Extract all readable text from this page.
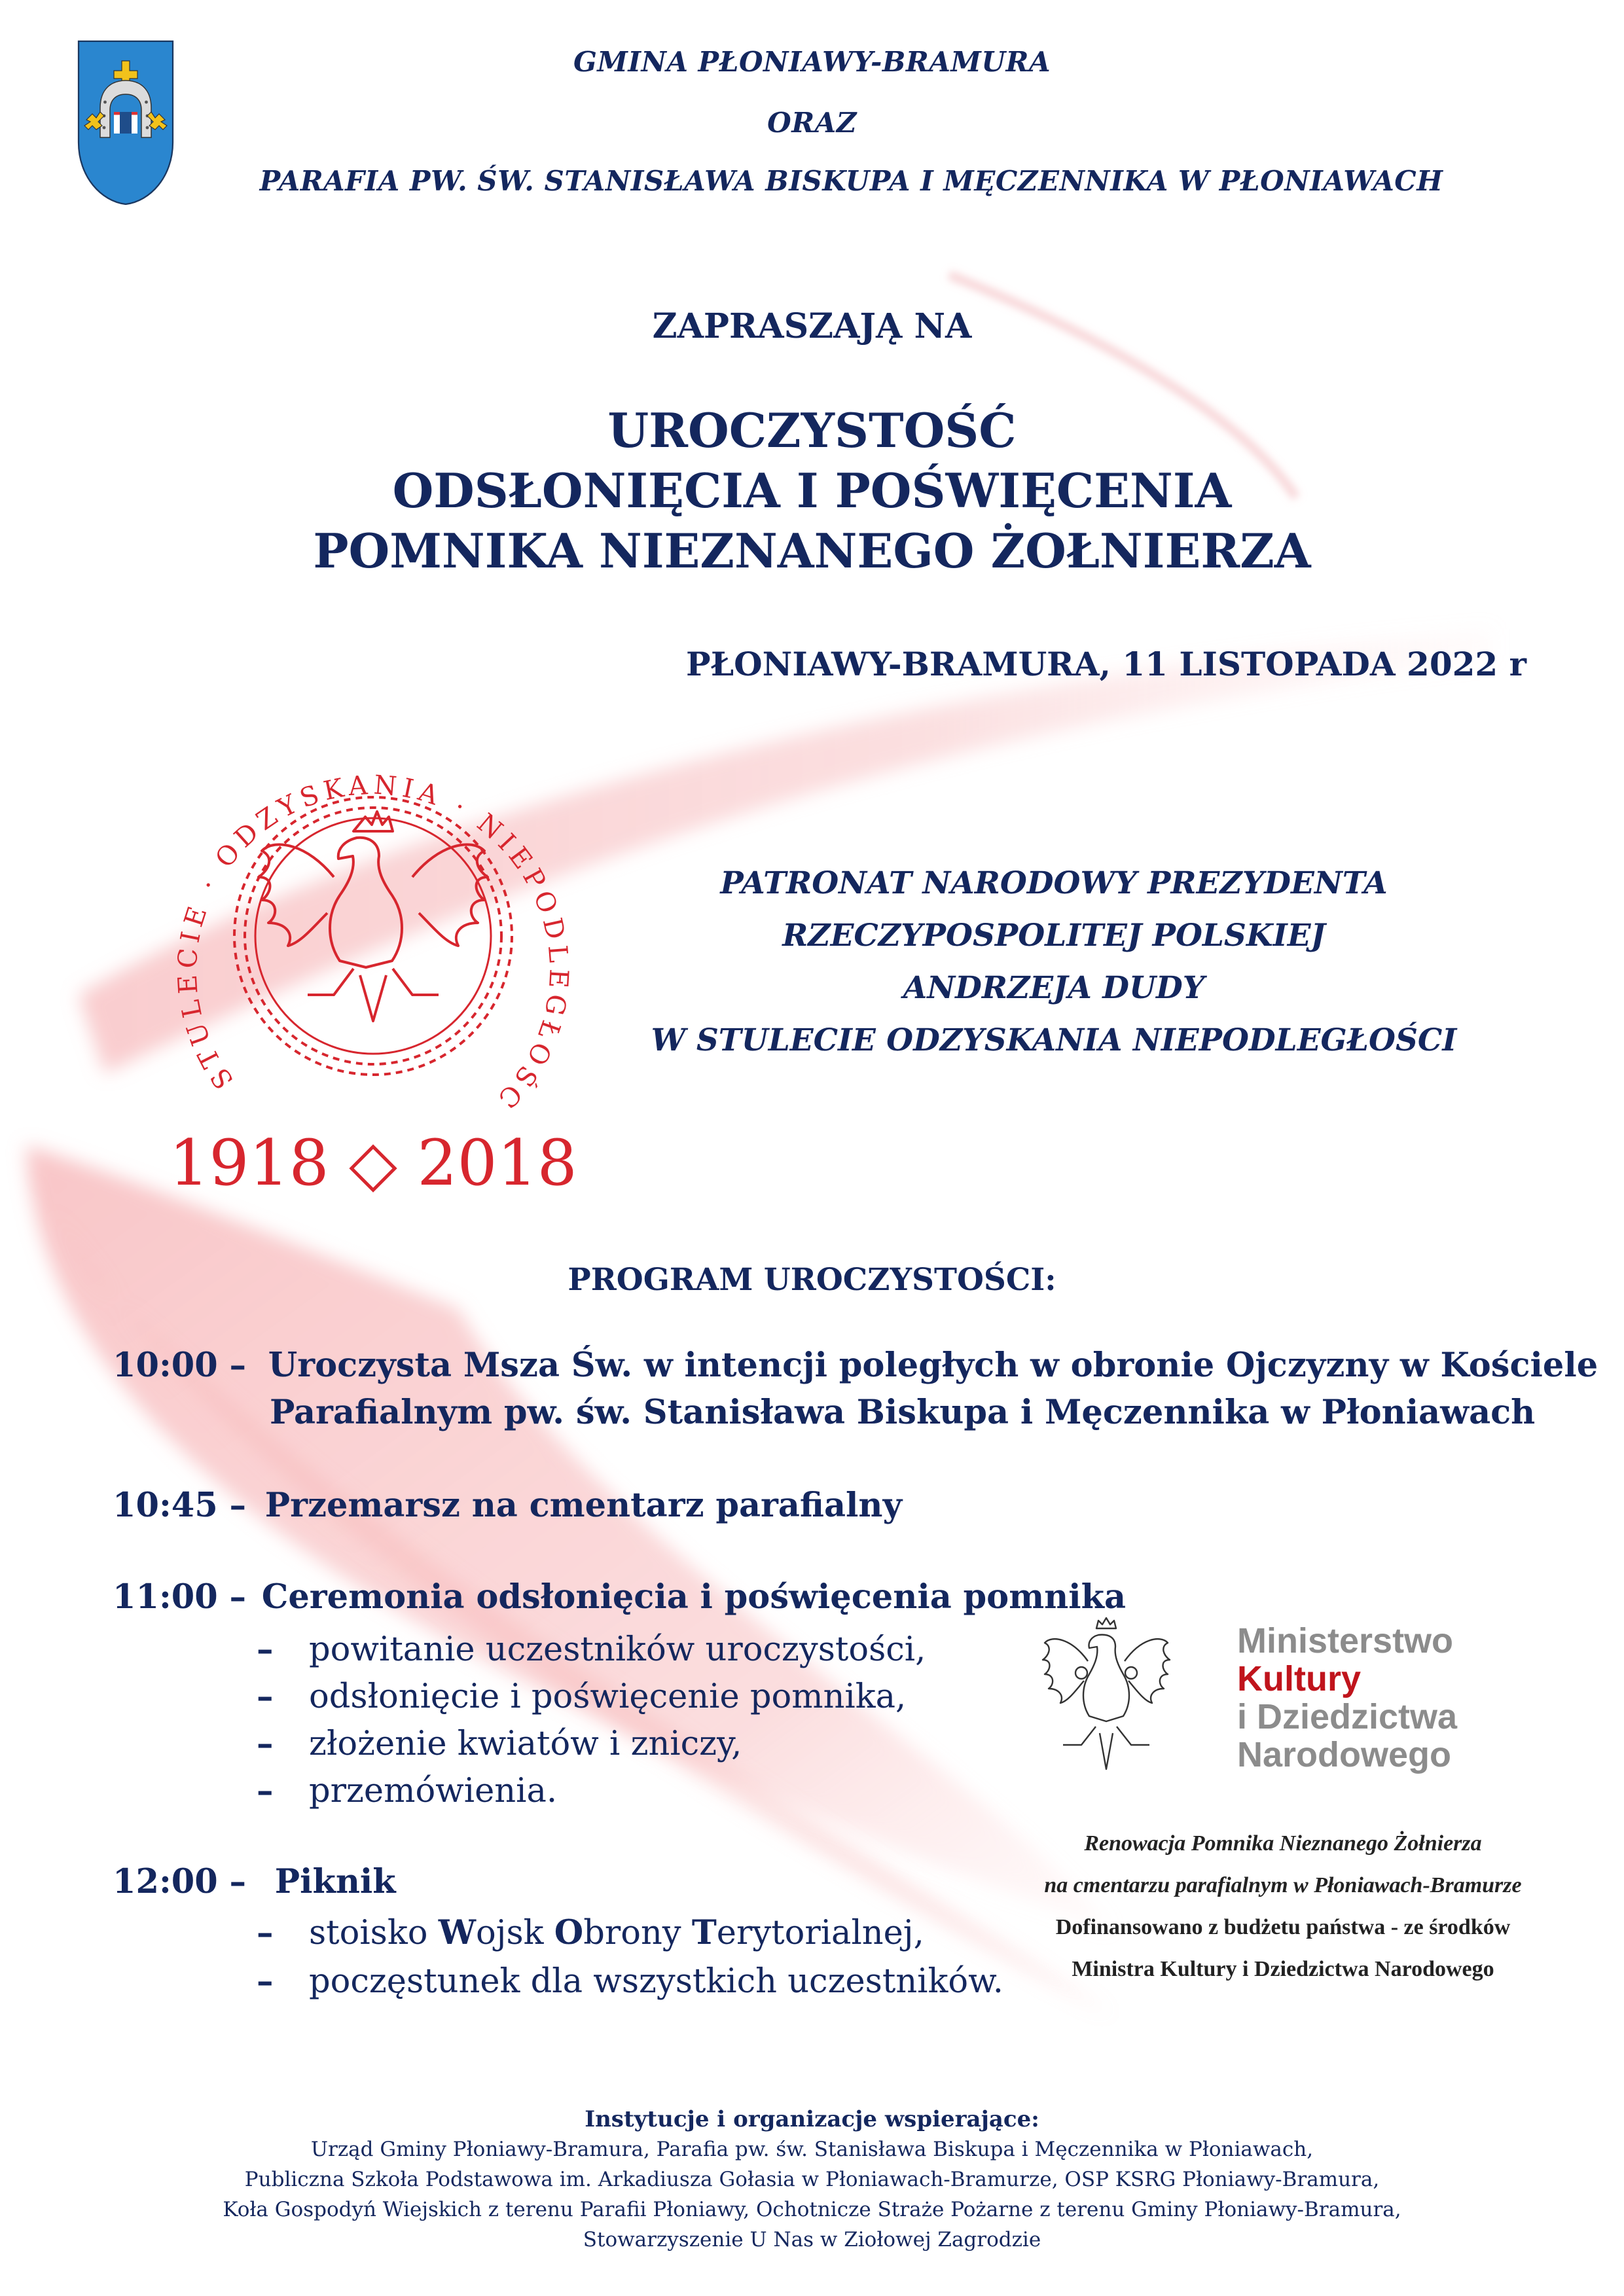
GMINA PŁONIAWY-BRAMURA
ORAZ
PARAFIA PW. ŚW. STANISŁAWA BISKUPA I MĘCZENNIKA W PŁONIAWACH
ZAPRASZAJĄ NA
UROCZYSTOŚĆ
ODSŁONIĘCIA I POŚWIĘCENIA
POMNIKA NIEZNANEGO ŻOŁNIERZA
PŁONIAWY-BRAMURA, 11 LISTOPADA 2022 r
STULECIE · ODZYSKANIA · NIEPODLEGŁOŚC
1918 ◇ 2018
PATRONAT NARODOWY PREZYDENTA
RZECZYPOSPOLITEJ POLSKIEJ
ANDRZEJA DUDY
W STULECIE ODZYSKANIA NIEPODLEGŁOŚCI
PROGRAM UROCZYSTOŚCI:
10:00 – Uroczysta Msza Św. w intencji poległych w obronie Ojczyzny w Kościele
Parafialnym pw. św. Stanisława Biskupa i Męczennika w Płoniawach
10:45 – Przemarsz na cmentarz parafialny
11:00 – Ceremonia odsłonięcia i poświęcenia pomnika
– powitanie uczestników uroczystości,
– odsłonięcie i poświęcenie pomnika,
– złożenie kwiatów i zniczy,
– przemówienia.
12:00 – Piknik
– stoisko Wojsk Obrony Terytorialnej,
– poczęstunek dla wszystkich uczestników.
Ministerstwo
Kultury
i Dziedzictwa
Narodowego
Renowacja Pomnika Nieznanego Żołnierza
na cmentarzu parafialnym w Płoniawach-Bramurze
Dofinansowano z budżetu państwa - ze środków
Ministra Kultury i Dziedzictwa Narodowego
Instytucje i organizacje wspierające:
Urząd Gminy Płoniawy-Bramura, Parafia pw. św. Stanisława Biskupa i Męczennika w Płoniawach,
Publiczna Szkoła Podstawowa im. Arkadiusza Gołasia w Płoniawach-Bramurze, OSP KSRG Płoniawy-Bramura,
Koła Gospodyń Wiejskich z terenu Parafii Płoniawy, Ochotnicze Straże Pożarne z terenu Gminy Płoniawy-Bramura,
Stowarzyszenie U Nas w Ziołowej Zagrodzie
